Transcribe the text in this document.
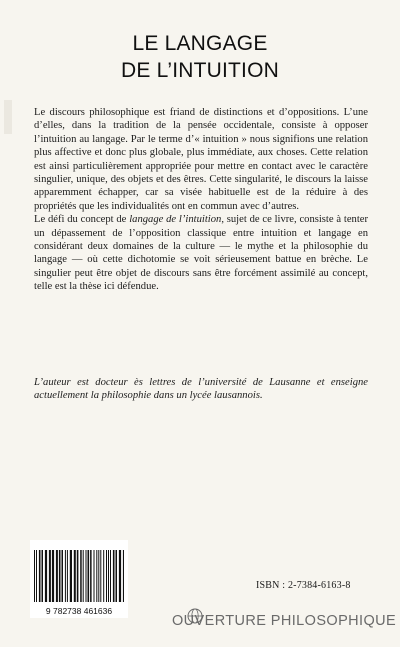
LE LANGAGE
DE L’INTUITION

Le discours philosophique est friand de distinctions et d’oppositions. L’une d’elles, dans la tradition de la pensée occidentale, consiste à opposer l’intuition au langage. Par le terme d’« intuition » nous signifions une relation plus affective et donc plus globale, plus immédiate, aux choses. Cette relation est ainsi particulièrement appropriée pour mettre en contact avec le caractère singulier, unique, des objets et des êtres. Cette singularité, le discours la laisse apparemment échapper, car sa visée habituelle est de la réduire à des propriétés que les individualités ont en commun avec d’autres.

Le défi du concept de langage de l’intuition, sujet de ce livre, consiste à tenter un dépassement de l’opposition classique entre intuition et langage en considérant deux domaines de la culture — le mythe et la philosophie du langage — où cette dichotomie se voit sérieusement battue en brèche. Le singulier peut être objet de discours sans être forcément assimilé au concept, telle est la thèse ici défendue.

L’auteur est docteur ès lettres de l’université de Lausanne et enseigne actuellement la philosophie dans un lycée lausannois.
9 782738 461636
ISBN : 2-7384-6163-8
OUVERTURE PHILOSOPHIQUE
